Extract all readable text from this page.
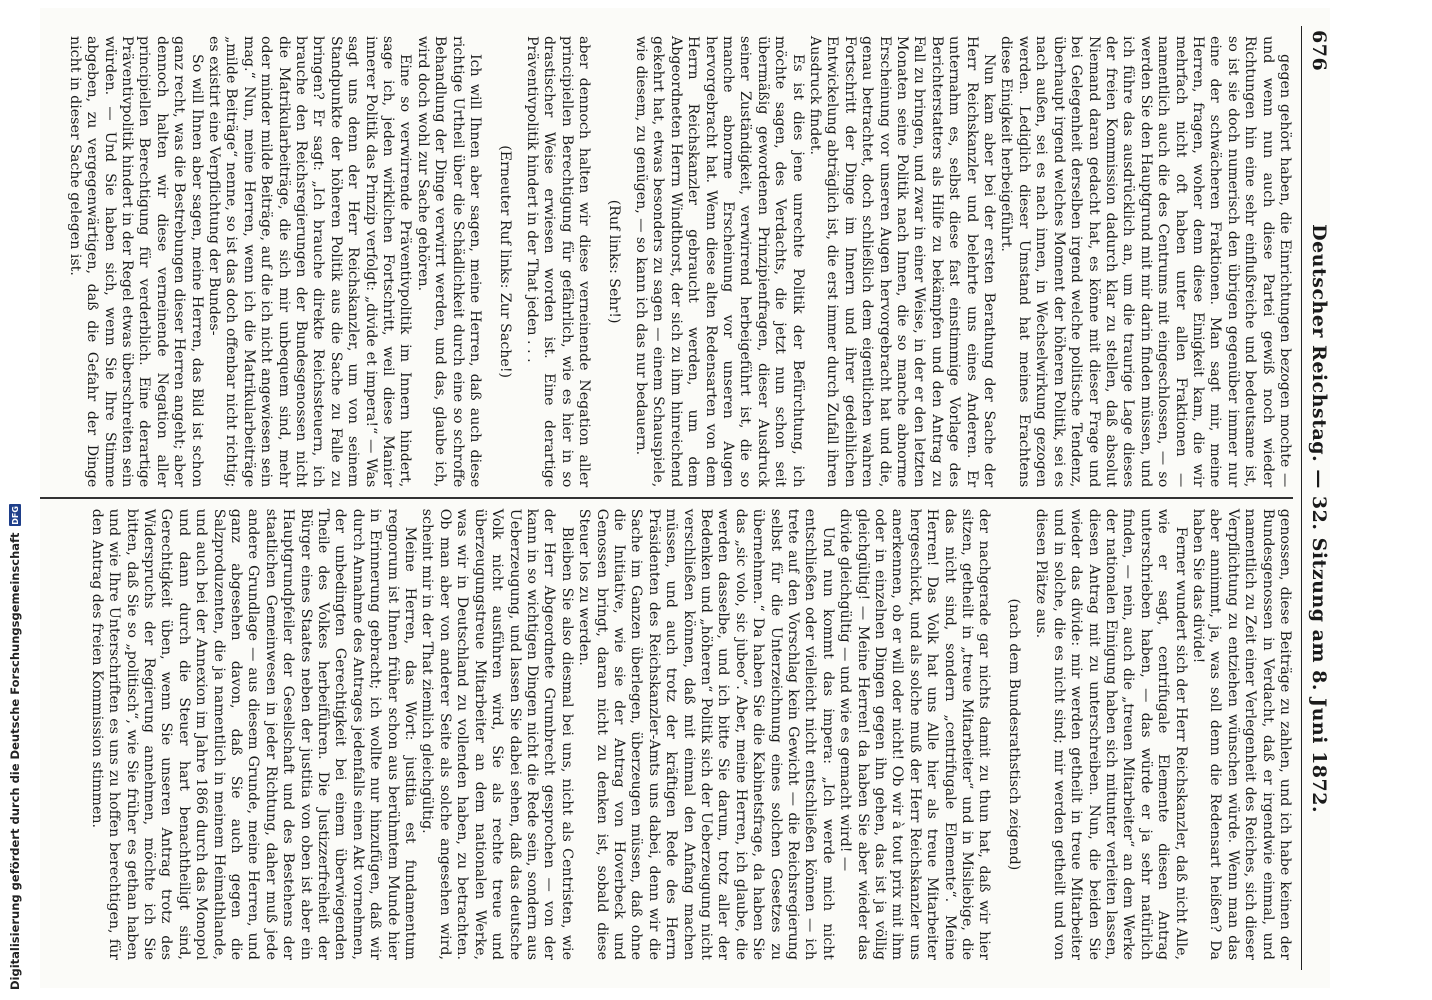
676
Deutscher Reichstag. — 32. Sitzung am 8. Juni 1872.

gegen gehört haben, die Einrichtungen bezogen mochte — und wenn nun auch diese Partei gewiß noch wieder Richtungen hin eine sehr einflußreiche und bedeutsame ist, so ist sie doch numerisch den übrigen gegenüber immer nur eine der schwächeren Fraktionen. Man sagt mir, meine Herren, fragen, woher denn diese Einigkeit kam, die wir mehrfach nicht oft haben unter allen Fraktionen — namentlich auch die des Centrums mit eingeschlossen, — so werden Sie den Hauptgrund mit mir darin finden müssen, und ich führe das ausdrücklich an, um die traurige Lage dieses der freien Kommission dadurch klar zu stellen, daß absolut Niemand daran gedacht hat, es könne mit dieser Frage und bei Gelegenheit derselben irgend welche politische Tendenz, überhaupt irgend welches Moment der höheren Politik, sei es nach außen, sei es nach innen, in Wechselwirkung gezogen werden. Lediglich dieser Umstand hat meines Erachtens diese Einigkeit herbeigeführt.

Nun kam aber bei der ersten Berathung der Sache der Herr Reichskanzler und belehrte uns eines Anderen. Er unternahm es, selbst diese fast einstimmige Vorlage des Berichterstatters als Hilfe zu bekämpfen und den Antrag zu Fall zu bringen, und zwar in einer Weise, in der er den letzten Monaten seine Politik nach Innen, die so manche abnorme Erscheinung vor unseren Augen hervorgebracht hat und die, genau betrachtet, doch schließlich dem eigentlichen wahren Fortschritt der Dinge im Innern und ihrer gedeihlichen Entwickelung abträglich ist, die erst immer durch Zufall ihren Ausdruck findet.

Es ist dies jene unrechte Politik der Befürchtung, ich möchte sagen, des Verdachts, die jetzt nun schon seit übermäßig gewordenen Prinzipienfragen, dieser Ausdruck seiner Zuständigkeit, verwirrend herbeigeführt ist, die so manche abnorme Erscheinung vor unseren Augen hervorgebracht hat. Wenn diese alten Redensarten von dem Herrn Reichskanzler gebraucht werden, um dem Abgeordneten Herrn Windthorst, der sich zu ihm hinreichend gekehrt hat, etwas besonders zu sagen — einem Schauspiele, wie diesem, zu genügen, — so kann ich das nur bedauern.

(Ruf links: Sehr!)

aber dennoch halten wir diese verneinende Negation aller principiellen Berechtigung für gefährlich, wie es hier in so drastischer Weise erwiesen worden ist. Eine derartige Präventivpolitik hindert in der That jeden . . .

(Erneuter Ruf links: Zur Sache!)

Ich will Ihnen aber sagen, meine Herren, daß auch diese richtige Urtheil über die Schädlichkeit durch eine so schroffe Behandlung der Dinge verwirrt werden, und das, glaube ich, wird doch wohl zur Sache gehören.

Eine so verwirrende Präventivpolitik im Innern hindert, sage ich, jeden wirklichen Fortschritt, weil diese Manier innerer Politik das Prinzip verfolgt: „divide et impera!“ — Was sagt uns denn der Herr Reichskanzler, um von seinem Standpunkte der höheren Politik aus die Sache zu Falle zu bringen? Er sagt: „Ich brauche direkte Reichssteuern, ich brauche den Reichsregierungen der Bundesgenossen nicht die Matrikularbeiträge, die sich mir unbequem sind, mehr oder minder milde Beiträge, auf die ich nicht angewiesen sein mag.“ Nun, meine Herren, wenn ich die Matrikularbeiträge „milde Beiträge“ nenne, so ist das doch offenbar nicht richtig; es existirt eine Verpflichtung der Bundes-

So will Ihnen aber sagen, meine Herren, das Bild ist schon ganz recht, was die Bestrebungen dieser Herren angeht; aber dennoch halten wir diese verneinende Negation aller principiellen Berechtigung für verderblich. Eine derartige Präventivpolitik hindert in der Regel etwas überschreiten sein würden. — Und Sie haben sich, wenn Sie Ihre Stimme abgeben, zu vergegenwärtigen, daß die Gefahr der Dinge nicht in dieser Sache gelegen ist.

genossen, diese Beiträge zu zahlen, und ich habe keinen der Bundesgenossen in Verdacht, daß er irgendwie einmal, und namentlich zu Zeit einer Verlegenheit des Reiches, sich dieser Verpflichtung zu entziehen wünschen würde. Wenn man das aber annimmt, ja, was soll denn die Redensart heißen? Da haben Sie das divide!

Ferner wundert sich der Herr Reichskanzler, daß nicht Alle, wie er sagt, centrifugale Elemente diesen Antrag unterschrieben haben, — das würde er ja sehr natürlich finden, — nein, auch die „treuen Mitarbeiter“ an dem Werke der nationalen Einigung haben sich mitunter verleiten lassen, diesen Antrag mit zu unterschreiben. Nun, die beiden Sie wieder das divide: mir werden getheilt in treue Mitarbeiter und in solche, die es nicht sind; mir werden getheilt und von diesen Plätze aus.

(nach dem Bundesrathstisch zeigend)

der nachgerade gar nichts damit zu thun hat, daß wir hier sitzen, getheilt in „treue Mitarbeiter“ und in Misliebige, die das nicht sind, sondern „centrifugale Elemente“. Meine Herren! Das Volk hat uns Alle hier als treue Mitarbeiter hergeschickt, und als solche muß der Herr Reichskanzler uns anerkennen, ob er will oder nicht! Ob wir à tout prix mit ihm oder in einzelnen Dingen gegen ihn gehen, das ist ja völlig gleichgültig! — Meine Herren! da haben Sie aber wieder das divide gleichgültig — und wie es gemacht wird! —

Und nun kommt das impera: „Ich werde mich nicht entschließen oder vielleicht nicht entschließen können — ich trete auf den Vorschlag kein Gewicht — die Reichsregierung selbst für die Unterzeichnung eines solchen Gesetzes zu übernehmen.“ Da haben Sie die Kabinetsfrage, da haben Sie das „sic volo, sic jubeo“. Aber, meine Herren, ich glaube, die werden dasselbe, und ich bitte Sie darum, trotz aller der Bedenken und „höheren“ Politik sich der Ueberzeugung nicht verschließen können, daß mit einmal den Anfang machen müssen, und auch trotz der kräftigen Rede des Herrn Präsidenten des Reichskanzler-Amts uns dabei, denn wir die Sache im Ganzen überlegen, überzeugen müssen, daß ohne die Initiative, wie sie der Antrag von Hoverbeck und Genossen bringt, daran nicht zu denken ist, sobald diese Steuer los zu werden.

Bleiben Sie also diesmal bei uns, nicht als Centristen, wie der Herr Abgeordnete Grumbrecht gesprochen — von der kann in so wichtigen Dingen nicht die Rede sein, sondern aus Ueberzeugung, und lassen Sie dabei sehen, daß das deutsche Volk nicht ausführen wird, Sie als rechte treue und überzeugungstreue Mitarbeiter an dem nationalen Werke, was wir in Deutschland zu vollenden haben, zu betrachten. Ob man aber von anderer Seite als solche angesehen wird, scheint mir in der That ziemlich gleichgültig.

Meine Herren, das Wort: justitia est fundamentum regnorum ist Ihnen früher schon aus berühmtem Munde hier in Erinnerung gebracht; ich wollte nur hinzufügen, daß wir durch Annahme des Antrages jedenfalls einen Akt vornehmen, der unbedingten Gerechtigkeit bei einem überwiegenden Theile des Volkes herbeiführen. Die Justizzerfreiheit der Bürger eines Staates neben der justitia von oben ist aber ein Hauptgrundpfeiler der Gesellschaft und des Bestehens der staatlichen Gemeinwesen in jeder Richtung, daher muß jede andere Grundlage — aus diesem Grunde, meine Herren, und ganz abgesehen davon, daß Sie auch gegen die Salzproduzenten, die ja namentlich in meinem Heimathlande, und auch bei der Annexion im Jahre 1866 durch das Monopol und dann durch die Steuer hart benachtheiligt sind, Gerechtigkeit üben, wenn Sie unseren Antrag trotz des Widerspruchs der Regierung annehmen, möchte ich Sie bitten, daß Sie so „politisch“, wie Sie früher es gethan haben und wie Ihre Unterschriften es uns zu hoffen berechtigen, für den Antrag des freien Kommission stimmen.

Digitalisierung gefördert durch die Deutsche Forschungsgemeinschaft
DFG
